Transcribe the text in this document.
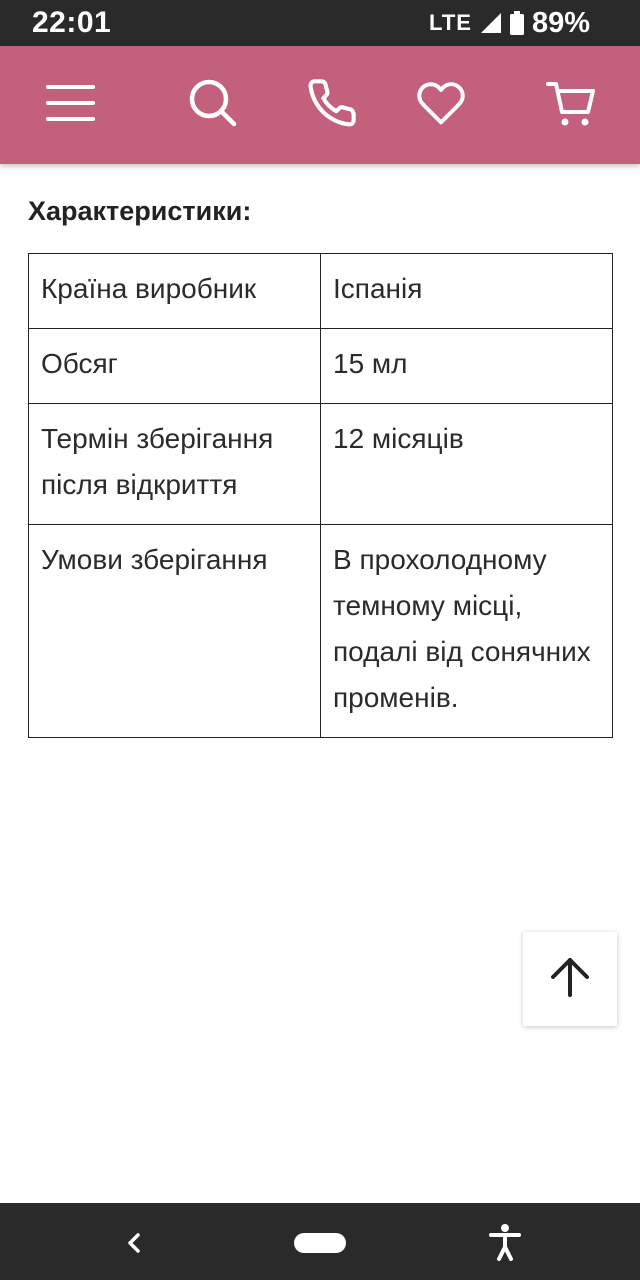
22:01	LTE 89%
Характеристики:
Країна виробник	Іспанія
Обсяг	15 мл
Термін зберігання після відкриття	12 місяців
Умови зберігання	В прохолодному темному місці, подалі від сонячних променів.
